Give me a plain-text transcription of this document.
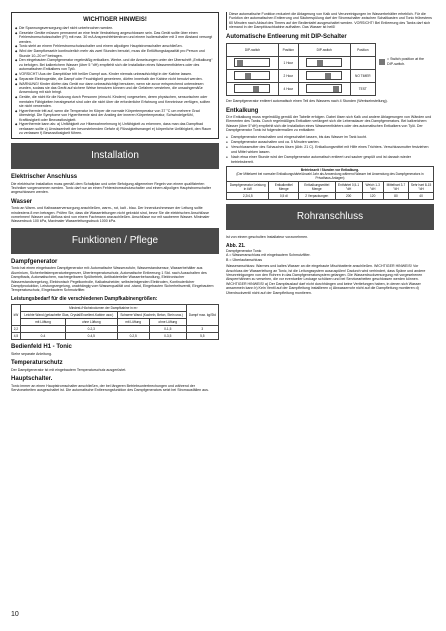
WICHTIGER HINWEIS!
◆ Die Spannungsversorgung darf nicht unterbrochen werden.
◆ Gesetzte Geräte müssen permanent an eine feste Verdrahtung angeschlossen sein. Das Gerät sollte über einen Fehlerstromschutzschalter (FI) mit max. 30 mA Ansprechfehlerstrom und einem Isolierschalter mit 3 mm Abstand versorgt werden.
◆ Tonic steht an einem Fehlerstromschutzschalter und einem allpoligen Hauptstromschalter anschließen.
◆ Wird der Dampfkessel/e kontinuierlich mehr als zwei Stunden benutzt, muss die Entlüftungskapazität pro Person und Stunde 10–20 m³ betragen.
◆ Den eingebauten Dampfgenerator regelmäßig entkalken. Werbe- und die Anweisungen unter der Überschrift „Entkalkung“ zu befolgen. Bei kalkreichem Wasser (über 5 °dH) empfiehlt sich die Installation eines Wasserenthärters oder des automatischen Entkalkers von Tylö.
◆ VORSICHT! Aus der Dampfdüse tritt heißer Dampf aus. Kinder niemals unbeaufsichtigt in der Kabine lassen.
◆ Separate Elektrogeräte, die Dampf oder Feuchtigkeit generieren, dürfen innerhalb der Kabine nicht benutzt werden.
◆ WARNUNG! Kinder dürfen das Gerät nur dann unbeaufsichtigt benutzen, wenn sie zuvor entsprechend unterwiesen wurden, sodass sie das Gerät auf sichere Weise benutzen können und die Gefahren verstehen, die unsachgemäße Anwendung mit sich bringt.
◆ Geräte, die nicht für die Nutzung durch Personen (einschl. Kindern) vorgesehen, deren physischen, sensorischen oder mentalen Fähigkeiten herabgesetzt sind oder die nicht über die erforderliche Erfahrung und Kenntnisse verfügen, sollten sie nicht verwenden.
◆ Hyperthermie tritt auf, wenn die Temperatur im Körper die normale Körpertemperatur von 37 °C um mehrere Grad übersteigt. Die Symptome von Hyperthermie sind der Anstieg der inneren Körpertemperatur, Schwindelgefühl, Kraftlosigkeit oder Bewusstlosigkeit.
◆ Hyperthermie kann als: a) Unfähigkeit zur Hitzewahrnehmung b) Unfähigkeit zu erkennen, dass man das Dampfbad verlassen sollte c) Unwissenheit der bevorstehenden Gefahr d) Flüssigkeitsmangel e) körperliche Unfähigkeit, den Raum zu verlassen f) Bewusstlosigkeit führen.
Installation
Elektrischer Anschluss

Die elektrische Installation muss gemäß dem Schaltplan und unter Befolgung allgemeiner Regeln von einem qualifizierten Techniker vorgenommen werden. Tonic darf nur an einen Fehlerstromschutzschalter und einem allpoligen Hauptstromschalter angeschlossen werden.

Wasser

Tonic an Warm- und Kaltwasserversorgung anschließen, warm-, rot, kalt - blau. Der Innendurchmesser der Leitung sollte mindestens 8 mm betragen. Prüfen Sie, dass die Wasserleitungen nicht geknickt sind, bevor Sie die elektrischen Anschlüsse vornehmen! Wasser und Abfluss sind von einem Fachmann anzuschließen. Anschlüsse nur mit sauberem Wasser. Minimaler Wasserdruck 100 kPa, Maximaler Wasserleitungsdruck 1000 kPa.

Funktionen / Pflege
Dampfgenerator

Tonic hat einen eingebauten Dampfgenerator mit: Automatische Wasserzufuhr, Wasserstandsensor, Wasserbehälter aus Aluminium, Sicherheitstemperaturbegrenzer, Übertemperaturschutz, Automatische Entleerung 1 Std. nach Ausschalten des Dampfbads, Automatischem, nachregelbaren Spülbetrieb, Antibakterieller Wasserbehandlung, Elektronischer Wasserstandsregelung, Elektronisch Pegelkontrolle, Kalkabscheider, selbstreinigenden Elektroden, Kontinuierlicher Dampfproduktion, Leistungsregelung, unabhängig vom Wasserqualität und -stand, Eingebauten Sicherheitsventil, Eingebautem Temperaturschutz, Eingebautem Schmutzfilter.

Leistungsbedarf für die verschiedenen Dampfkabinengrößen:
kW	Mindest-/Höchstvolumen der Dampfkabine in m³				Dampf max. kg/Std
	Leichte Wand (gekachelte Glas, Crystal/Excellent-Kabine usw.)		Schwere Wand (Kacheln, Beton, Stein usw.)		
	mit Lüftung	ohne Lüftung	mit Lüftung	ohne Lüftung	
2,2		0-2,3		0-1,5	3
4,5	0-4	0-4,5	0-2,5	0-3,5	5,5
Bedienfeld H1 - Tonic

Siehe separate Anleitung.

Temperaturschutz

Der Dampfgenerator ist mit eingebautem Temperaturschutz ausgerüstet.

Hauptschalter.

Tonic immer an einen Hauptstromschalter anschließen, der bei längeren Betriebsunterbrechungen und während der Servicearbeiten ausgeschaltet ist. Die automatische Entleerungsfunktion des Dampfgenerators setzt bei Stromausfällen aus.

Diese automatische Funktion reduziert die Ablagerung von Kalk und Verunreinigungen im Wasserbehälter erheblich. Für die Funktion der automatischen Entleerung und Säuberspülung darf der Stromschalter zwischen Schaltkasten und Tonic frühestens 60 Minuten nach Ablauf des Timers auf der Bedientafel ausgeschaltet werden. VORSICHT! Bei Entleerung des Tanks darf sich niemand in der Dampfduschkabine aufhalten. Das Wasser ist heiß!

Automatische Entleerung mit DIP-Schalter
DIP-switch	Position	DIP-switch	Position

	1 Hour	

	2 Hour		NO TIMER

	4 Hour		TEST
= Switch position at the DIP-switch.

Der Dampfgenerator entleert automatisch einen Teil des Wassers nach 4 Stunden (Werkseinstellung).

Entkalkung

Di e Entkalkung muss regelmäßig gemäß der Tabelle erfolgen. Dabei lösen sich Kalk und andere Ablagerungen von Wänden und Elementen des Tanks. Durch regelmäßiges Entkalken verlängert sich die Lebensdauer des Dampfgenerators. Bei kalkreichem Wasser (über 5°dH) empfiehlt sich die Installation eines Wasserenthärters oder des automatischen Entkalkers von Tylö. Der Dampfgenerator Tonic ist folgendermaßen zu entkalken:

● Dampfgenerator einschalten und eingeschaltet lassen, bis das Wasser im Tank kocht.
● Dampfgenerator ausschalten und ca. 5 Minuten warten.
● Verschlussmutter des Schauches lösen (Abb. 21 C). Entkalkungsmittel mit Hilfe eines Trichters. Verschlussmutter festziehen und Mittel wirken lassen.
● Nach etwa einer Stunde wird der Dampfgenerator automatisch entleert und sauber gespült und ist danach wieder betriebsbereit.
Betriebszeit / Stunden vor Entkalkung.
(Der Mittelwert bei normaler Entkalkungshärte/Anzahl Jahr als Anwendung während Wasser bei Anwendung des Dampfgenerators in Privathaus-Anlagen)						
Dampfgenerator Leistung in kW	Entkalkmittel Menge	Entkalkungsmittel Menge	Enthärtet 0,5-1 °dH	Weich 1-3 °dH	Mittelhart 3-7 °dH	Sehr hart 8-15 °dH
2,2/4,5	0,5 dl	2 Verpackungen	200	120	80	40
Rohranschluss

Ist von einem geschulten Installateur vorzunehmen.

Abb. 21.

Dampfgenerator Tonic

A = Wasseranschluss mit eingebautem Schmutzfilter.

B = Überlaufanschluss

Wasseranschluss: Warmes und kaltes Wasser an die eingebaute Mischbatterie anschließen. WICHTIGER HINWEIS! Vor Anschluss der Wasserleitung an Tonic, ist die Leitungssystem auszuspülen! Dadurch wird verhindert, dass Späne und andere Verunreinigungen von den Rohren in das Dampfgeneratorsystem gelangen. Die Wasserdruckversorgung mit vorgesehenen Absperrhähnen zu versehen, die vor eventueller Leckage schützen und bei Servicearbeiten geschlossen werden können. WICHTIGER HINWEIS! a) Der Dampfauslauf darf nicht durchhängen und keine Vertiefungen haben, in denen sich Wasser ansammeln kann b) Kein Ventil auf der Dampfleitung installieren c) Abwasserrohr nicht auf die Dampfleitung montieren d) Überdruckventil nicht auf der Dampfleitung montieren.

10
